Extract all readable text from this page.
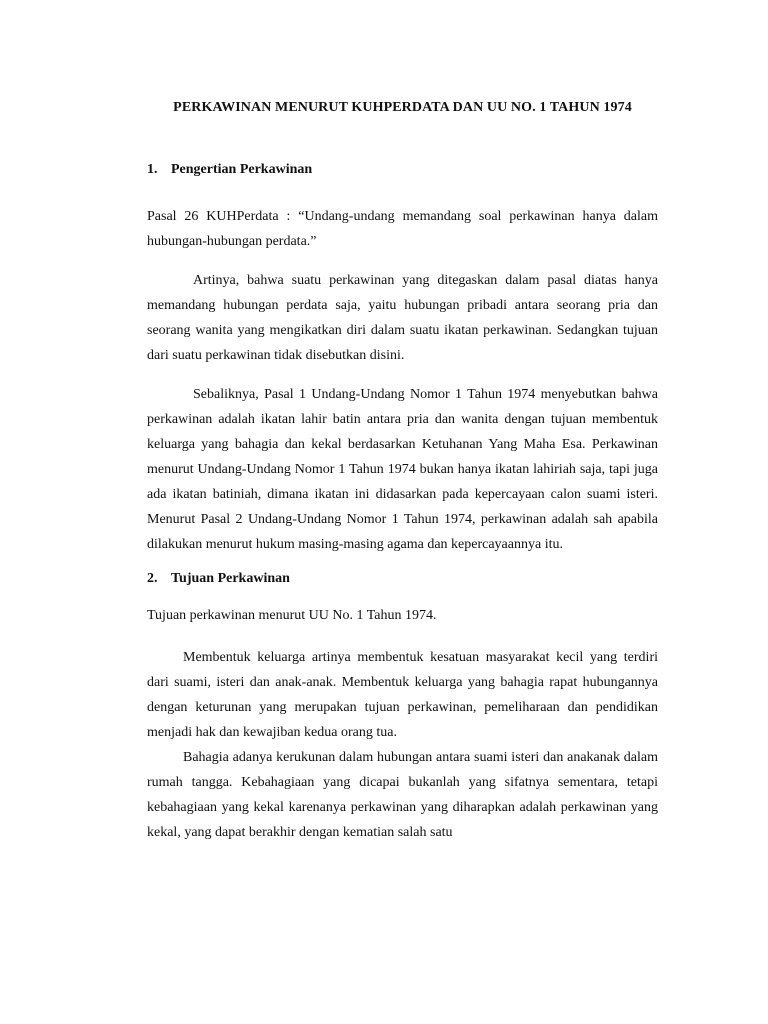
PERKAWINAN MENURUT KUHPERDATA DAN UU NO. 1 TAHUN 1974
1. Pengertian Perkawinan

Pasal 26 KUHPerdata : “Undang-undang memandang soal perkawinan hanya dalam hubungan-hubungan perdata.”

Artinya, bahwa suatu perkawinan yang ditegaskan dalam pasal diatas hanya memandang hubungan perdata saja, yaitu hubungan pribadi antara seorang pria dan seorang wanita yang mengikatkan diri dalam suatu ikatan perkawinan. Sedangkan tujuan dari suatu perkawinan tidak disebutkan disini.

Sebaliknya, Pasal 1 Undang-Undang Nomor 1 Tahun 1974 menyebutkan bahwa perkawinan adalah ikatan lahir batin antara pria dan wanita dengan tujuan membentuk keluarga yang bahagia dan kekal berdasarkan Ketuhanan Yang Maha Esa. Perkawinan menurut Undang-Undang Nomor 1 Tahun 1974 bukan hanya ikatan lahiriah saja, tapi juga ada ikatan batiniah, dimana ikatan ini didasarkan pada kepercayaan calon suami isteri. Menurut Pasal 2 Undang-Undang Nomor 1 Tahun 1974, perkawinan adalah sah apabila dilakukan menurut hukum masing-masing agama dan kepercayaannya itu.

2. Tujuan Perkawinan

Tujuan perkawinan menurut UU No. 1 Tahun 1974.

Membentuk keluarga artinya membentuk kesatuan masyarakat kecil yang terdiri dari suami, isteri dan anak-anak. Membentuk keluarga yang bahagia rapat hubungannya dengan keturunan yang merupakan tujuan perkawinan, pemeliharaan dan pendidikan menjadi hak dan kewajiban kedua orang tua.

Bahagia adanya kerukunan dalam hubungan antara suami isteri dan anakanak dalam rumah tangga. Kebahagiaan yang dicapai bukanlah yang sifatnya sementara, tetapi kebahagiaan yang kekal karenanya perkawinan yang diharapkan adalah perkawinan yang kekal, yang dapat berakhir dengan kematian salah satu
